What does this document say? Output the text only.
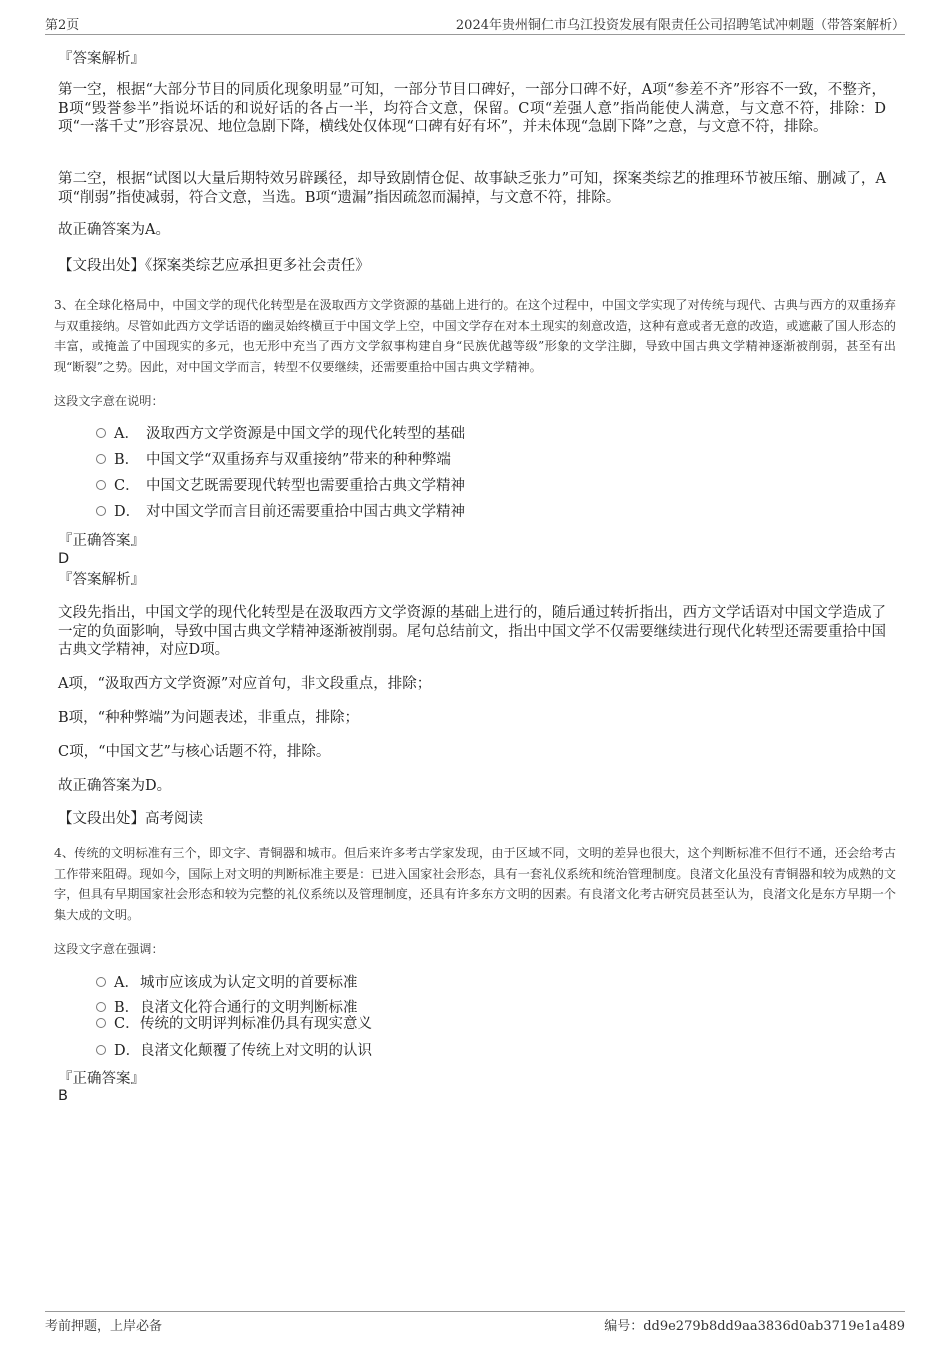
第2页	2024年贵州铜仁市乌江投资发展有限责任公司招聘笔试冲刺题（带答案解析）
『答案解析』
第一空，根据“大部分节目的同质化现象明显”可知，一部分节目口碑好，一部分口碑不好，A项“参差不齐”形容不一致，不整齐，B项“毁誉参半”指说坏话的和说好话的各占一半，均符合文意，保留。C项“差强人意”指尚能使人满意，与文意不符，排除：D项“一落千丈”形容景况、地位急剧下降，横线处仅体现“口碑有好有坏”，并未体现“急剧下降”之意，与文意不符，排除。
第二空，根据“试图以大量后期特效另辟蹊径，却导致剧情仓促、故事缺乏张力”可知，探案类综艺的推理环节被压缩、删减了，A项“削弱”指使减弱，符合文意，当选。B项“遗漏”指因疏忽而漏掉，与文意不符，排除。
故正确答案为A。
【文段出处】《探案类综艺应承担更多社会责任》
3、在全球化格局中，中国文学的现代化转型是在汲取西方文学资源的基础上进行的。在这个过程中，中国文学实现了对传统与现代、古典与西方的双重扬弃与双重接纳。尽管如此西方文学话语的幽灵始终横亘于中国文学上空，中国文学存在对本土现实的刻意改造，这种有意或者无意的改造，或遮蔽了国人形态的丰富，或掩盖了中国现实的多元，也无形中充当了西方文学叙事构建自身“民族优越等级”形象的文学注脚，导致中国古典文学精神逐渐被削弱，甚至有出现“断裂”之势。因此，对中国文学而言，转型不仅要继续，还需要重拾中国古典文学精神。
这段文字意在说明：
A． 汲取西方文学资源是中国文学的现代化转型的基础
B． 中国文学“双重扬弃与双重接纳”带来的种种弊端
C． 中国文艺既需要现代转型也需要重拾古典文学精神
D． 对中国文学而言目前还需要重拾中国古典文学精神
『正确答案』
D
『答案解析』
文段先指出，中国文学的现代化转型是在汲取西方文学资源的基础上进行的，随后通过转折指出，西方文学话语对中国文学造成了一定的负面影响，导致中国古典文学精神逐渐被削弱。尾句总结前文，指出中国文学不仅需要继续进行现代化转型还需要重拾中国古典文学精神，对应D项。
A项，“汲取西方文学资源”对应首句，非文段重点，排除；
B项，“种种弊端”为问题表述，非重点，排除；
C项，“中国文艺”与核心话题不符，排除。
故正确答案为D。
【文段出处】高考阅读
4、传统的文明标准有三个，即文字、青铜器和城市。但后来许多考古学家发现，由于区域不同，文明的差异也很大，这个判断标准不但行不通，还会给考古工作带来阻碍。现如今，国际上对文明的判断标准主要是：已进入国家社会形态，具有一套礼仪系统和统治管理制度。良渚文化虽没有青铜器和较为成熟的文字，但具有早期国家社会形态和较为完整的礼仪系统以及管理制度，还具有许多东方文明的因素。有良渚文化考古研究员甚至认为，良渚文化是东方早期一个集大成的文明。
这段文字意在强调：
A．城市应该成为认定文明的首要标准
B．良渚文化符合通行的文明判断标准
C．传统的文明评判标准仍具有现实意义
D．良渚文化颠覆了传统上对文明的认识
『正确答案』
B
考前押题，上岸必备	编号：dd9e279b8dd9aa3836d0ab3719e1a489
